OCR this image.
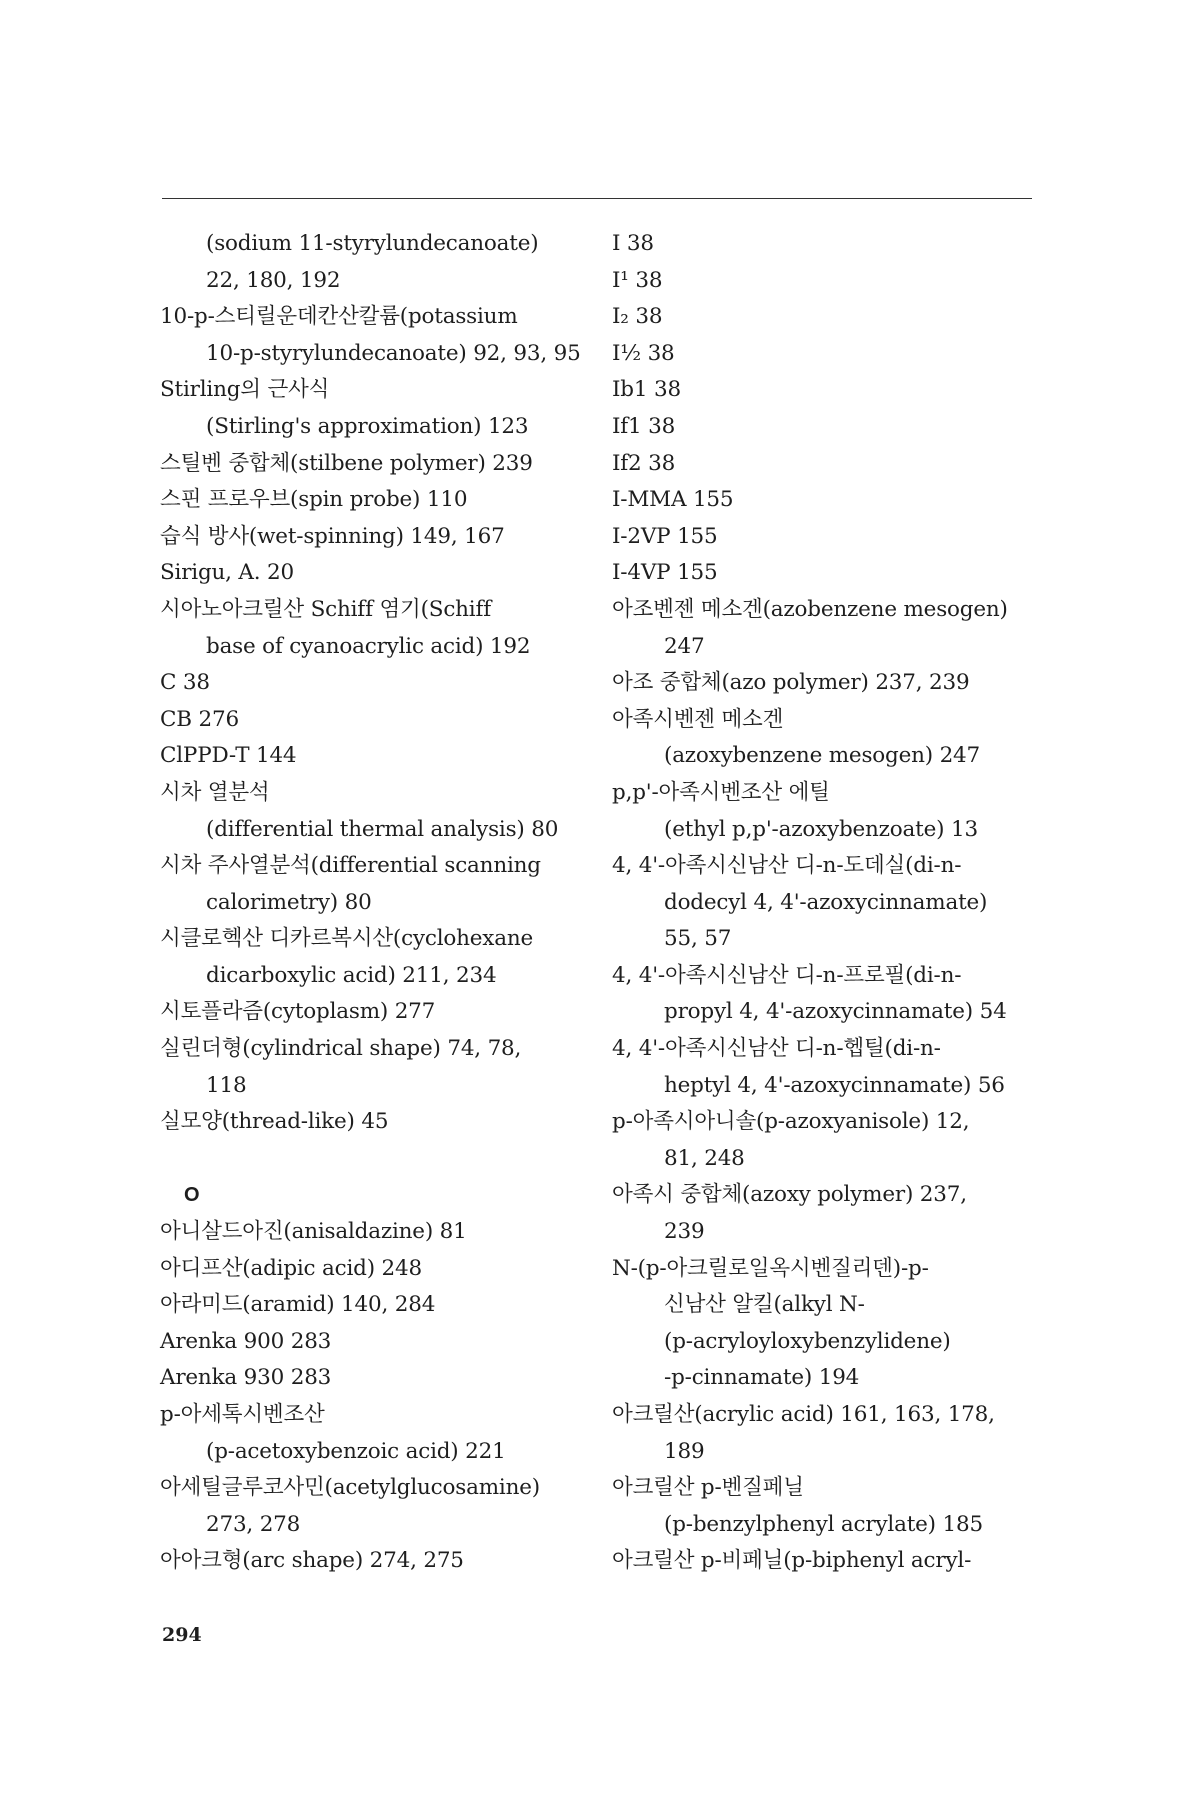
(sodium 11-styrylundecanoate)
22, 180, 192
10-p-스티릴운데칸산칼륨(potassium
10-p-styrylundecanoate) 92, 93, 95
Stirling의 근사식
(Stirling's approximation) 123
스틸벤 중합체(stilbene polymer) 239
스핀 프로우브(spin probe) 110
습식 방사(wet-spinning) 149, 167
Sirigu, A. 20
시아노아크릴산 Schiff 염기(Schiff
base of cyanoacrylic acid) 192
C 38
CB 276
ClPPD-T 144
시차 열분석
(differential thermal analysis) 80
시차 주사열분석(differential scanning
calorimetry) 80
시클로헥산 디카르복시산(cyclohexane
dicarboxylic acid) 211, 234
시토플라즘(cytoplasm) 277
실린더형(cylindrical shape) 74, 78,
118
실모양(thread-like) 45
O
아니살드아진(anisaldazine) 81
아디프산(adipic acid) 248
아라미드(aramid) 140, 284
Arenka 900 283
Arenka 930 283
p-아세톡시벤조산
(p-acetoxybenzoic acid) 221
아세틸글루코사민(acetylglucosamine)
273, 278
아아크형(arc shape) 274, 275
I 38
I¹ 38
I₂ 38
I½ 38
Ib1 38
If1 38
If2 38
I-MMA 155
I-2VP 155
I-4VP 155
아조벤젠 메소겐(azobenzene mesogen)
247
아조 중합체(azo polymer) 237, 239
아족시벤젠 메소겐
(azoxybenzene mesogen) 247
p,p'-아족시벤조산 에틸
(ethyl p,p'-azoxybenzoate) 13
4, 4'-아족시신남산 디-n-도데실(di-n-
dodecyl 4, 4'-azoxycinnamate)
55, 57
4, 4'-아족시신남산 디-n-프로필(di-n-
propyl 4, 4'-azoxycinnamate) 54
4, 4'-아족시신남산 디-n-헵틸(di-n-
heptyl 4, 4'-azoxycinnamate) 56
p-아족시아니솔(p-azoxyanisole) 12,
81, 248
아족시 중합체(azoxy polymer) 237,
239
N-(p-아크릴로일옥시벤질리덴)-p-
신남산 알킬(alkyl N-
(p-acryloyloxybenzylidene)
-p-cinnamate) 194
아크릴산(acrylic acid) 161, 163, 178,
189
아크릴산 p-벤질페닐
(p-benzylphenyl acrylate) 185
아크릴산 p-비페닐(p-biphenyl acryl-
294
